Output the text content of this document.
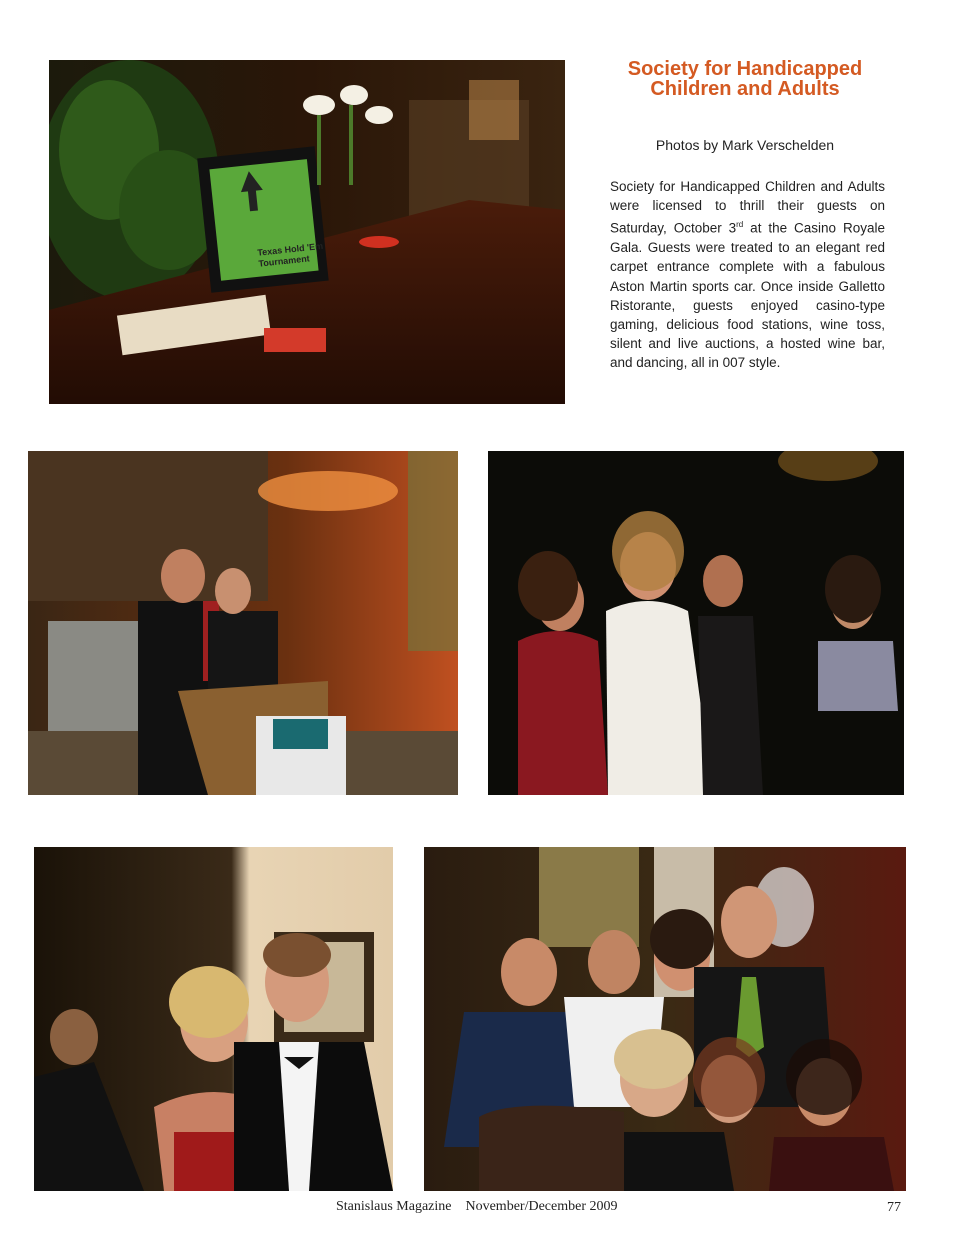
Texas Hold 'Em
Tournament
Society for Handicapped
Children and Adults
Photos by Mark Verschelden
Society for Handicapped Children and Adults were licensed to thrill their guests on Saturday, October 3rd at the Casino Royale Gala. Guests were treated to an elegant red carpet entrance complete with a fabulous Aston Martin sports car. Once inside Galletto Ristorante, guests enjoyed casino-type gaming, delicious food stations, wine toss, silent and live auctions, a hosted wine bar, and dancing, all in 007 style.
Stanislaus Magazine November/December 2009	77
